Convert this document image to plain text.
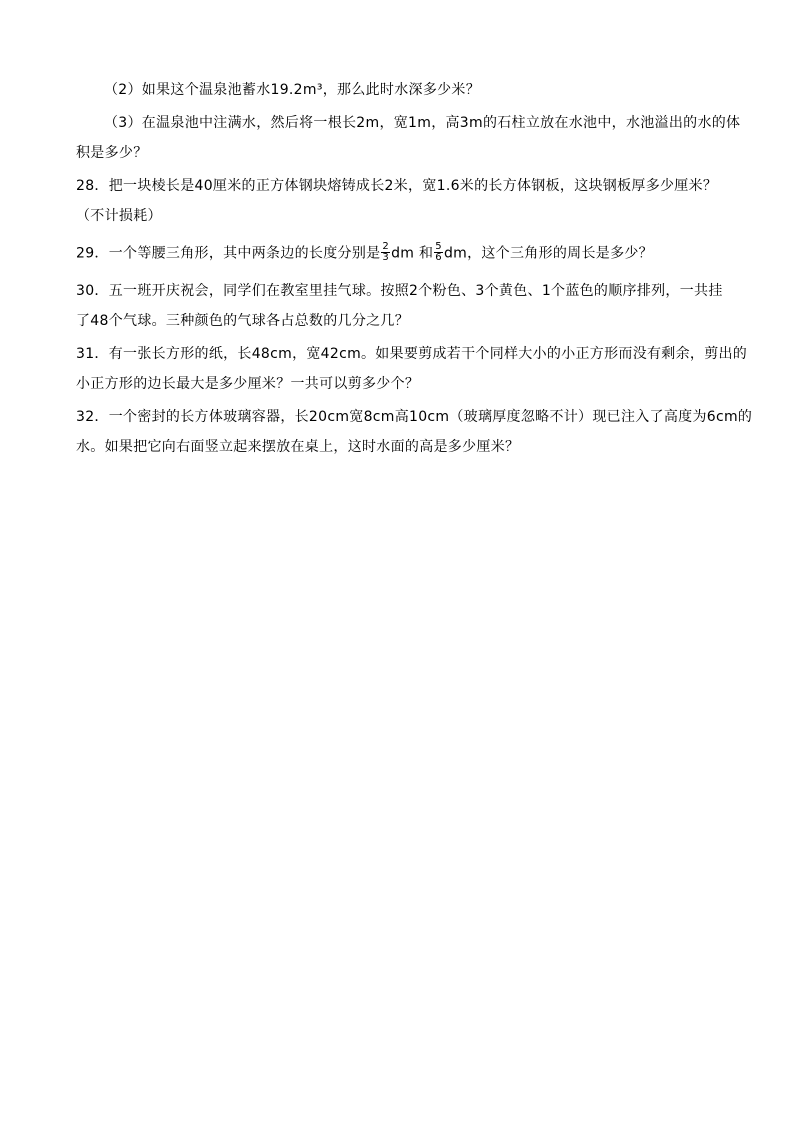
（2）如果这个温泉池蓄水19.2m³，那么此时水深多少米？
（3）在温泉池中注满水，然后将一根长2m，宽1m，高3m的石柱立放在水池中，水池溢出的水的体
积是多少？
28．把一块棱长是40厘米的正方体钢块熔铸成长2米，宽1.6米的长方体钢板，这块钢板厚多少厘米？
（不计损耗）
29．一个等腰三角形，其中两条边的长度分别是 $\frac{2}{3}$ dm 和 $\frac{5}{6}$ dm，这个三角形的周长是多少？
30．五一班开庆祝会，同学们在教室里挂气球。按照2个粉色、3个黄色、1个蓝色的顺序排列，一共挂
了48个气球。三种颜色的气球各占总数的几分之几？
31．有一张长方形的纸，长48cm，宽42cm。如果要剪成若干个同样大小的小正方形而没有剩余，剪出的
小正方形的边长最大是多少厘米？一共可以剪多少个？
32．一个密封的长方体玻璃容器，长20cm宽8cm高10cm（玻璃厚度忽略不计）现已注入了高度为6cm的
水。如果把它向右面竖立起来摆放在桌上，这时水面的高是多少厘米？
